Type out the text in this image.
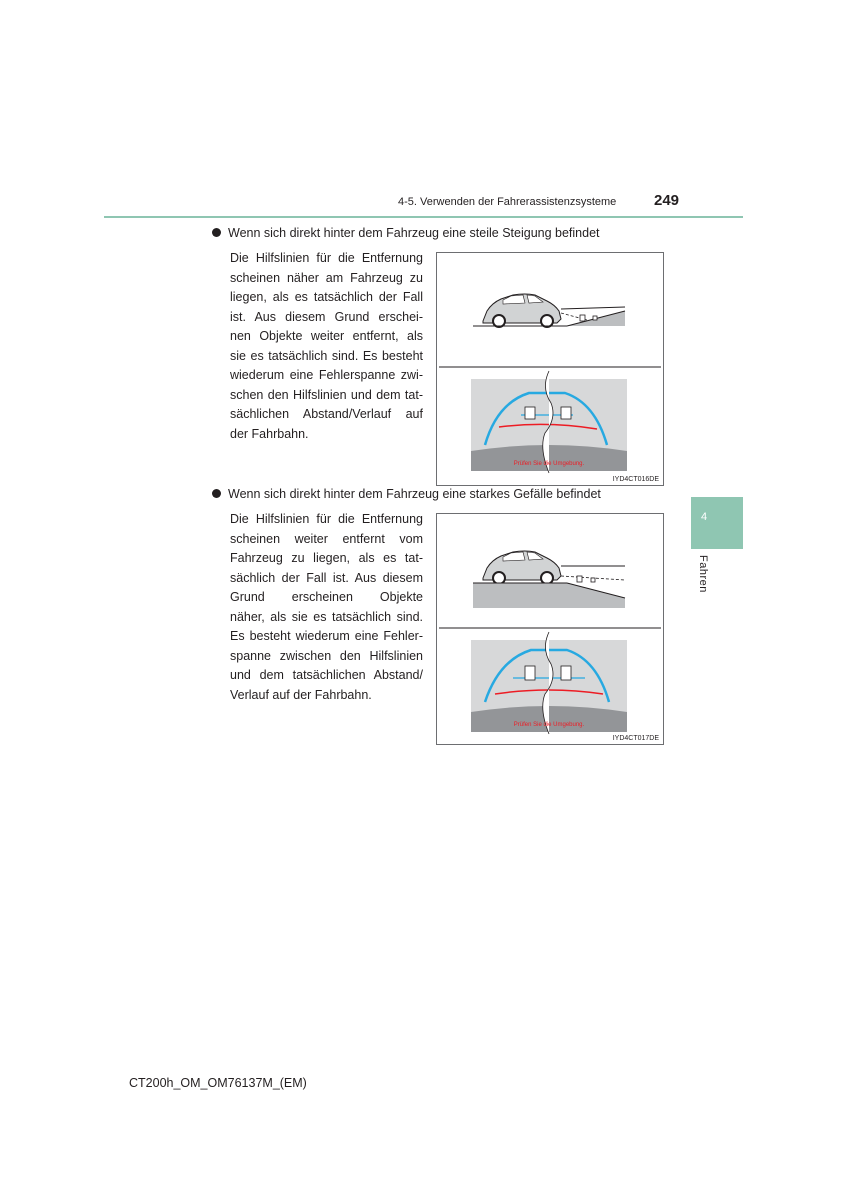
4-5. Verwenden der Fahrerassistenzsysteme	249
4
Fahren
Wenn sich direkt hinter dem Fahrzeug eine steile Steigung befindet
Die Hilfslinien für die Entfernung
scheinen näher am Fahrzeug zu
liegen, als es tatsächlich der Fall
ist. Aus diesem Grund erschei-
nen Objekte weiter entfernt, als
sie es tatsächlich sind. Es besteht
wiederum eine Fehlerspanne zwi-
schen den Hilfslinien und dem tat-
sächlichen Abstand/Verlauf auf
der Fahrbahn.
Prüfen Sie die Umgebung.
IYD4CT016DE
Wenn sich direkt hinter dem Fahrzeug eine starkes Gefälle befindet
Die Hilfslinien für die Entfernung
scheinen weiter entfernt vom
Fahrzeug zu liegen, als es tat-
sächlich der Fall ist. Aus diesem
Grund erscheinen Objekte
näher, als sie es tatsächlich sind.
Es besteht wiederum eine Fehler-
spanne zwischen den Hilfslinien
und dem tatsächlichen Abstand/
Verlauf auf der Fahrbahn.
Prüfen Sie die Umgebung.
IYD4CT017DE
CT200h_OM_OM76137M_(EM)
